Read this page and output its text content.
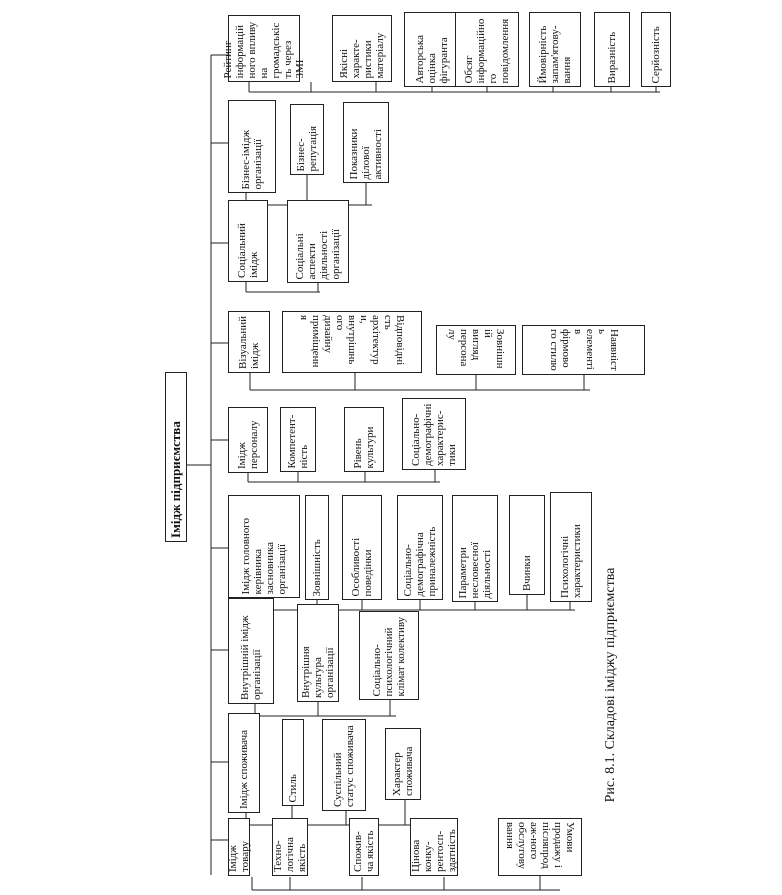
Імідж підприємства
Імідж товару Техно-логічна якість	Спожив-ча якість	Цінова конку-рентосп-здатність	Умови продажу і післяпродаж-ного обслуговування
Імідж споживача	Стиль	Суспільний статус споживача	Характер споживача
Внутрішній імідж організації	Внутрішня культура організації	Соціально-психологічний клімат колективу
Імідж головного керівника засновника організації Зовнішність Особливості поведінки	Соціально-демографічна приналежність Параметри несловесної діяльності	Вчинки Психологічні характеристики
Імідж персоналу Компетент-ність	Рівень культури	Соціально-демографічні характерис-тики
Візуальний імідж	Відповідність архітектури, внутрішнього дизайну приміщення
Зовнішній вигляд персоналу	Наявність елементів фірмового стилю
Соціальний імідж	Соціальні аспекти діяльності організації
Бізнес-імідж організації	Бізнес-репутація	Показники ділової активності
Рейтинг інформаційного впливу на громадськість через ЗМІ	Якісні характе-ристики матеріалу	Авторська оцінка фігуранта Обсяг інформаційного повідомлення Ймовірність запам'ятову-вання	Виразність	Серйозність
Рис. 8.1. Складові іміджу підприємства
